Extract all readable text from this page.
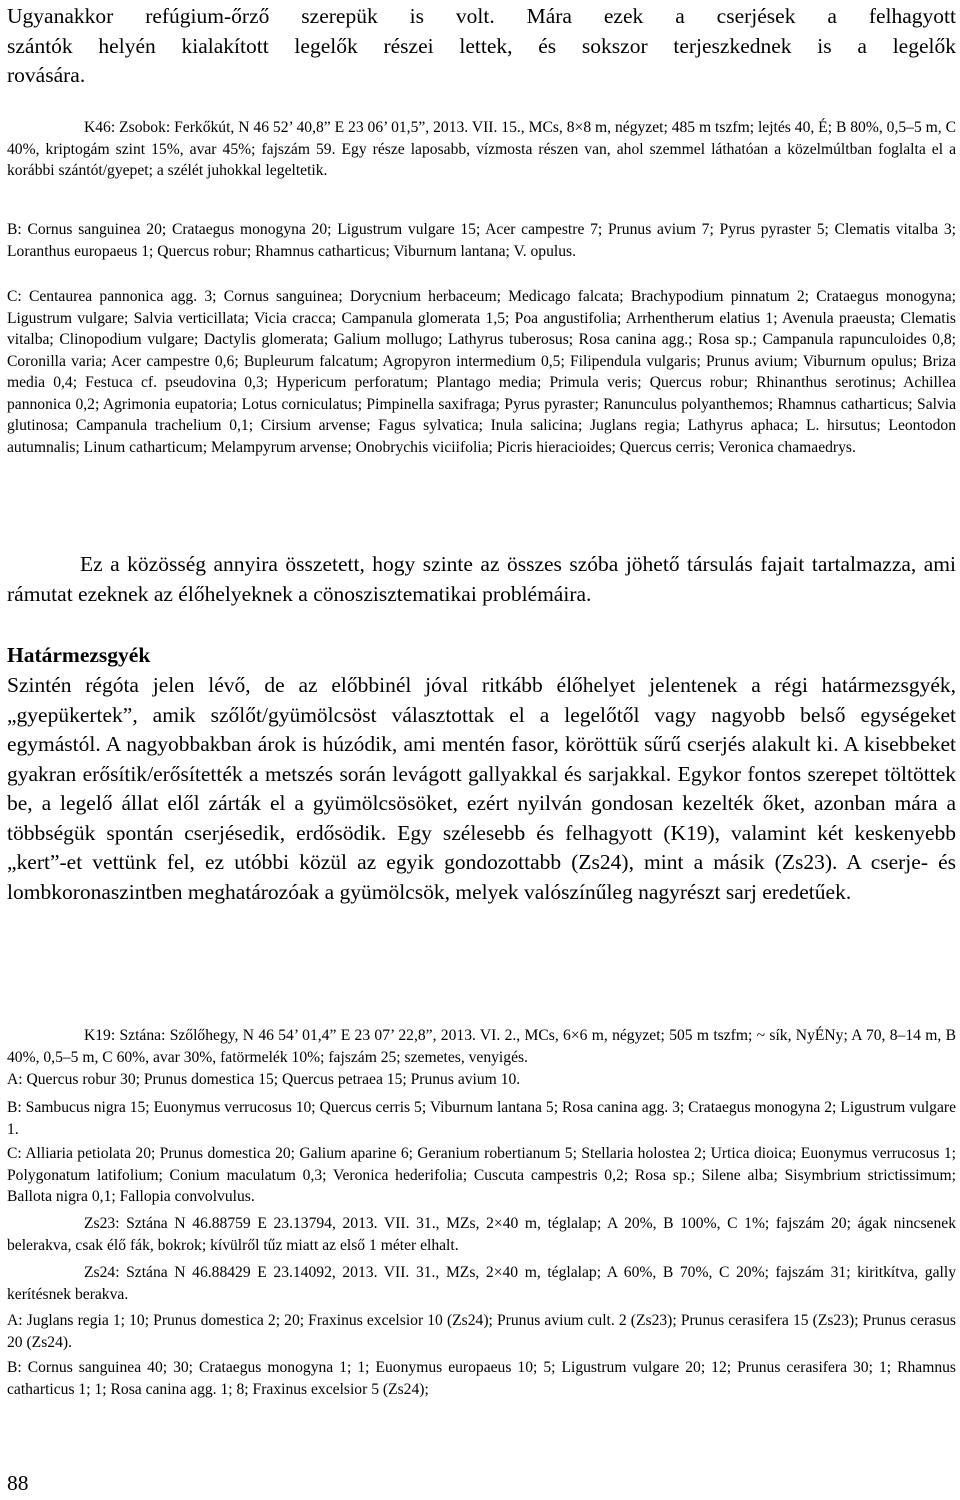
Ugyanakkor refúgium-őrző szerepük is volt. Mára ezek a cserjések a felhagyott
szántók helyén kialakított legelők részei lettek, és sokszor terjeszkednek is a legelők
rovására.

K46: Zsobok: Ferkőkút, N 46 52’ 40,8” E 23 06’ 01,5”, 2013. VII. 15., MCs, 8×8 m, négyzet; 485 m tszfm; lejtés 40, É; B 80%, 0,5–5 m, C 40%, kriptogám szint 15%, avar 45%; fajszám 59. Egy része laposabb, vízmosta részen van, ahol szemmel láthatóan a közelmúltban foglalta el a korábbi szántót/gyepet; a szélét juhokkal legeltetik.

B: Cornus sanguinea 20; Crataegus monogyna 20; Ligustrum vulgare 15; Acer campestre 7; Prunus avium 7; Pyrus pyraster 5; Clematis vitalba 3; Loranthus europaeus 1; Quercus robur; Rhamnus catharticus; Viburnum lantana; V. opulus.

C: Centaurea pannonica agg. 3; Cornus sanguinea; Dorycnium herbaceum; Medicago falcata; Brachypodium pinnatum 2; Crataegus monogyna; Ligustrum vulgare; Salvia verticillata; Vicia cracca; Campanula glomerata 1,5; Poa angustifolia; Arrhentherum elatius 1; Avenula praeusta; Clematis vitalba; Clinopodium vulgare; Dactylis glomerata; Galium mollugo; Lathyrus tuberosus; Rosa canina agg.; Rosa sp.; Campanula rapunculoides 0,8; Coronilla varia; Acer campestre 0,6; Bupleurum falcatum; Agropyron intermedium 0,5; Filipendula vulgaris; Prunus avium; Viburnum opulus; Briza media 0,4; Festuca cf. pseudovina 0,3; Hypericum perforatum; Plantago media; Primula veris; Quercus robur; Rhinanthus serotinus; Achillea pannonica 0,2; Agrimonia eupatoria; Lotus corniculatus; Pimpinella saxifraga; Pyrus pyraster; Ranunculus polyanthemos; Rhamnus catharticus; Salvia glutinosa; Campanula trachelium 0,1; Cirsium arvense; Fagus sylvatica; Inula salicina; Juglans regia; Lathyrus aphaca; L. hirsutus; Leontodon autumnalis; Linum catharticum; Melampyrum arvense; Onobrychis viciifolia; Picris hieracioides; Quercus cerris; Veronica chamaedrys.

Ez a közösség annyira összetett, hogy szinte az összes szóba jöhető társulás fajait tartalmazza, ami rámutat ezeknek az élőhelyeknek a cönoszisztematikai problémáira.

Határmezsgyék

Szintén régóta jelen lévő, de az előbbinél jóval ritkább élőhelyet jelentenek a régi határmezsgyék, „gyepükertek”, amik szőlőt/gyümölcsöst választottak el a legelőtől vagy nagyobb belső egységeket egymástól. A nagyobbakban árok is húzódik, ami mentén fasor, köröttük sűrű cserjés alakult ki. A kisebbeket gyakran erősítik/erősítették a metszés során levágott gallyakkal és sarjakkal. Egykor fontos szerepet töltöttek be, a legelő állat elől zárták el a gyümölcsösöket, ezért nyilván gondosan kezelték őket, azonban mára a többségük spontán cserjésedik, erdősödik. Egy szélesebb és felhagyott (K19), valamint két keskenyebb „kert”-et vettünk fel, ez utóbbi közül az egyik gondozottabb (Zs24), mint a másik (Zs23). A cserje- és lombkoronaszintben meghatározóak a gyümölcsök, melyek valószínűleg nagyrészt sarj eredetűek.

K19: Sztána: Szőlőhegy, N 46 54’ 01,4” E 23 07’ 22,8”, 2013. VI. 2., MCs, 6×6 m, négyzet; 505 m tszfm; ~ sík, NyÉNy; A 70, 8–14 m, B 40%, 0,5–5 m, C 60%, avar 30%, fatörmelék 10%; fajszám 25; szemetes, venyigés.

A: Quercus robur 30; Prunus domestica 15; Quercus petraea 15; Prunus avium 10.

B: Sambucus nigra 15; Euonymus verrucosus 10; Quercus cerris 5; Viburnum lantana 5; Rosa canina agg. 3; Crataegus monogyna 2; Ligustrum vulgare 1.

C: Alliaria petiolata 20; Prunus domestica 20; Galium aparine 6; Geranium robertianum 5; Stellaria holostea 2; Urtica dioica; Euonymus verrucosus 1; Polygonatum latifolium; Conium maculatum 0,3; Veronica hederifolia; Cuscuta campestris 0,2; Rosa sp.; Silene alba; Sisymbrium strictissimum; Ballota nigra 0,1; Fallopia convolvulus.

Zs23: Sztána N 46.88759 E 23.13794, 2013. VII. 31., MZs, 2×40 m, téglalap; A 20%, B 100%, C 1%; fajszám 20; ágak nincsenek belerakva, csak élő fák, bokrok; kívülről tűz miatt az első 1 méter elhalt.

Zs24: Sztána N 46.88429 E 23.14092, 2013. VII. 31., MZs, 2×40 m, téglalap; A 60%, B 70%, C 20%; fajszám 31; kiritkítva, gally kerítésnek berakva.

A: Juglans regia 1; 10; Prunus domestica 2; 20; Fraxinus excelsior 10 (Zs24); Prunus avium cult. 2 (Zs23); Prunus cerasifera 15 (Zs23); Prunus cerasus 20 (Zs24).

B: Cornus sanguinea 40; 30; Crataegus monogyna 1; 1; Euonymus europaeus 10; 5; Ligustrum vulgare 20; 12; Prunus cerasifera 30; 1; Rhamnus catharticus 1; 1; Rosa canina agg. 1; 8; Fraxinus excelsior 5 (Zs24);

88
